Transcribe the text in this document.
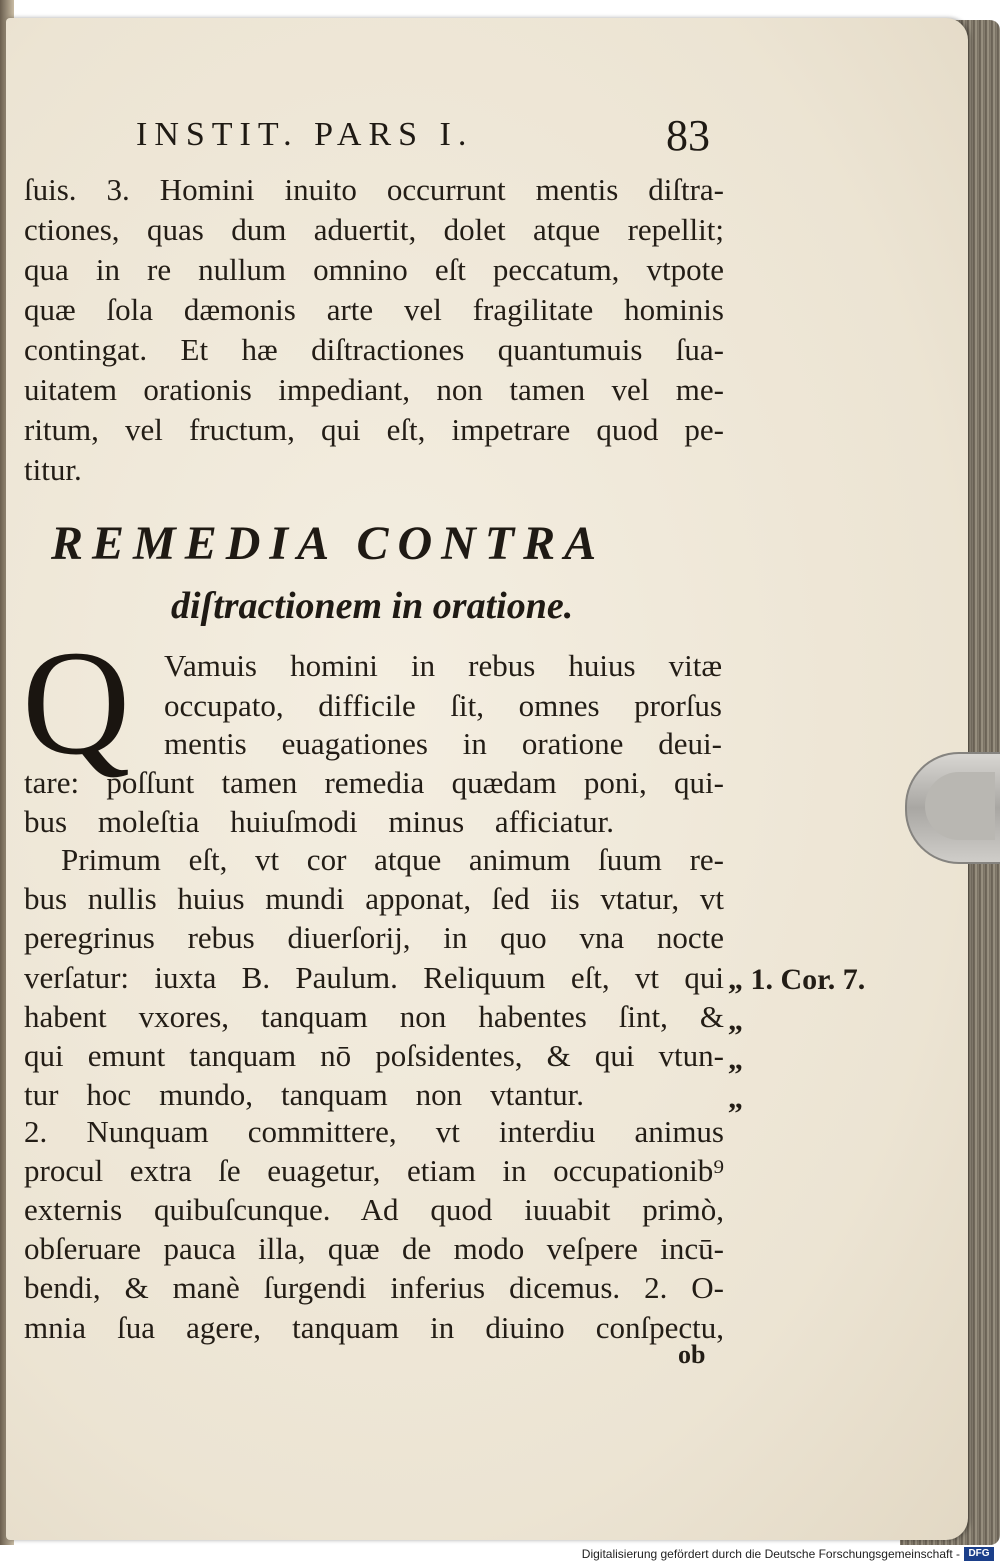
INSTIT. PARS I.	83
ſuis. 3. Homini inuito occurrunt mentis diſtra-
ctiones, quas dum aduertit, dolet atque repellit;
qua in re nullum omnino eſt peccatum, vtpote
quæ ſola dæmonis arte vel fragilitate hominis
contingat. Et hæ diſtractiones quantumuis ſua-
uitatem orationis impediant, non tamen vel me-
ritum, vel fructum, qui eſt, impetrare quod pe-
titur.
REMEDIA CONTRA
diſtractionem in oratione.
Q Vamuis homini in rebus huius vitæ
occupato, difficile ſit, omnes prorſus
mentis euagationes in oratione deui-
tare: poſſunt tamen remedia quædam poni, qui-
bus moleſtia huiuſmodi minus afficiatur.
Primum eſt, vt cor atque animum ſuum re-
bus nullis huius mundi apponat, ſed iis vtatur, vt
peregrinus rebus diuerſorij, in quo vna nocte
verſatur: iuxta B. Paulum. Reliquum eſt, vt qui
habent vxores, tanquam non habentes ſint, &
qui emunt tanquam nō poſsidentes, & qui vtun-
tur hoc mundo, tanquam non vtantur.
2. Nunquam committere, vt interdiu animus
procul extra ſe euagetur, etiam in occupationib⁹
externis quibuſcunque. Ad quod iuuabit primò,
obſeruare pauca illa, quæ de modo veſpere incū-
bendi, & manè ſurgendi inferius dicemus. 2. O-
mnia ſua agere, tanquam in diuino conſpectu,
„ 1. Cor. 7.
„
„
„
ob
Digitalisierung gefördert durch die Deutsche Forschungsgemeinschaft - DFG
